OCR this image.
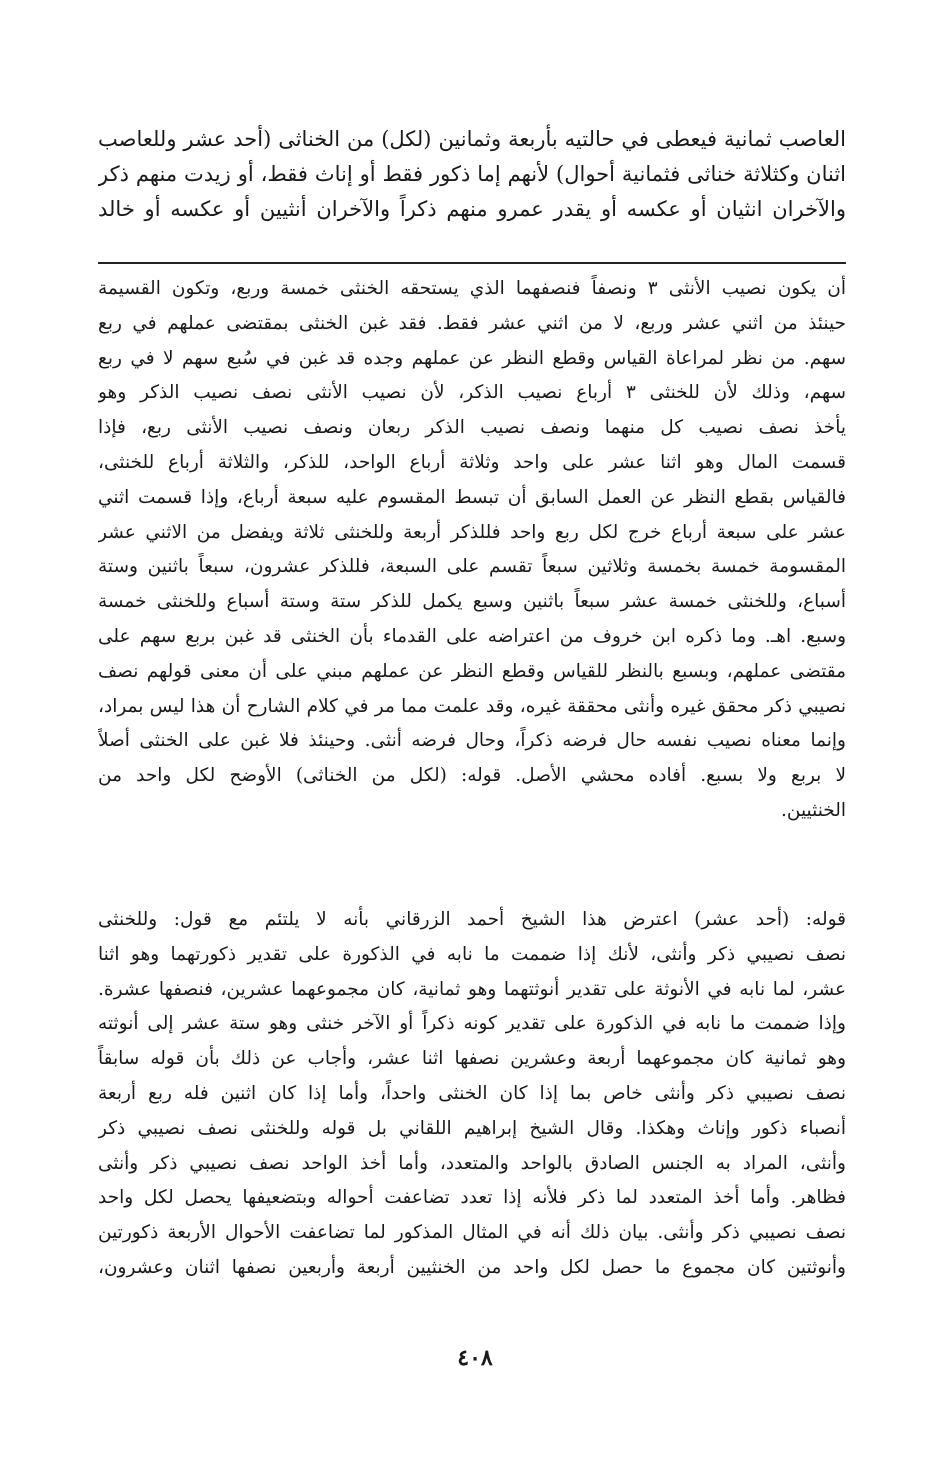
العاصب ثمانية فيعطى في حالتيه بأربعة وثمانين (لكل) من الخناثى (أحد عشر وللعاصب
اثنان وكثلاثة خناثى فثمانية أحوال) لأنهم إما ذكور فقط أو إناث فقط، أو زيدت منهم ذكر
والآخران انثيان أو عكسه أو يقدر عمرو منهم ذكراً والآخران أنثيين أو عكسه أو خالد
أن يكون نصيب الأنثى ٣ ونصفاً فنصفهما الذي يستحقه الخنثى خمسة وربع، وتكون القسيمة
حينئذ من اثني عشر وربع، لا من اثني عشر فقط. فقد غبن الخنثى بمقتضى عملهم في ربع
سهم. من نظر لمراعاة القياس وقطع النظر عن عملهم وجده قد غبن في سُبع سهم لا في ربع
سهم، وذلك لأن للخنثى ٣ أرباع نصيب الذكر، لأن نصيب الأنثى نصف نصيب الذكر وهو
يأخذ نصف نصيب كل منهما ونصف نصيب الذكر ربعان ونصف نصيب الأنثى ربع، فإذا
قسمت المال وهو اثنا عشر على واحد وثلاثة أرباع الواحد، للذكر، والثلاثة أرباع للخنثى،
فالقياس بقطع النظر عن العمل السابق أن تبسط المقسوم عليه سبعة أرباع، وإذا قسمت اثني
عشر على سبعة أرباع خرج لكل ربع واحد فللذكر أربعة وللخنثى ثلاثة ويفضل من الاثني عشر
المقسومة خمسة بخمسة وثلاثين سبعاً تقسم على السبعة، فللذكر عشرون، سبعاً باثنين وستة
أسباع، وللخنثى خمسة عشر سبعاً باثنين وسبع يكمل للذكر ستة وستة أسباع وللخنثى خمسة
وسبع. اهـ. وما ذكره ابن خروف من اعتراضه على القدماء بأن الخنثى قد غبن بربع سهم على
مقتضى عملهم، وبسبع بالنظر للقياس وقطع النظر عن عملهم مبني على أن معنى قولهم نصف
نصيبي ذكر محقق غيره وأنثى محققة غيره، وقد علمت مما مر في كلام الشارح أن هذا ليس بمراد،
وإنما معناه نصيب نفسه حال فرضه ذكراً، وحال فرضه أنثى. وحينئذ فلا غبن على الخنثى أصلاً
لا بربع ولا بسبع. أفاده محشي الأصل. قوله: (لكل من الخناثى) الأوضح لكل واحد من
الخنثيين.
قوله: (أحد عشر) اعترض هذا الشيخ أحمد الزرقاني بأنه لا يلتئم مع قول: وللخنثى
نصف نصيبي ذكر وأنثى، لأنك إذا ضممت ما نابه في الذكورة على تقدير ذكورتهما وهو اثنا
عشر، لما نابه في الأنوثة على تقدير أنوثتهما وهو ثمانية، كان مجموعهما عشرين، فنصفها عشرة.
وإذا ضممت ما نابه في الذكورة على تقدير كونه ذكراً أو الآخر خنثى وهو ستة عشر إلى أنوثته
وهو ثمانية كان مجموعهما أربعة وعشرين نصفها اثنا عشر، وأجاب عن ذلك بأن قوله سابقاً
نصف نصيبي ذكر وأنثى خاص بما إذا كان الخنثى واحداً، وأما إذا كان اثنين فله ربع أربعة
أنصباء ذكور وإناث وهكذا. وقال الشيخ إبراهيم اللقاني بل قوله وللخنثى نصف نصيبي ذكر
وأنثى، المراد به الجنس الصادق بالواحد والمتعدد، وأما أخذ الواحد نصف نصيبي ذكر وأنثى
فظاهر. وأما أخذ المتعدد لما ذكر فلأنه إذا تعدد تضاعفت أحواله وبتضعيفها يحصل لكل واحد
نصف نصيبي ذكر وأنثى. بيان ذلك أنه في المثال المذكور لما تضاعفت الأحوال الأربعة ذكورتين
وأنوثتين كان مجموع ما حصل لكل واحد من الخنثيين أربعة وأربعين نصفها اثنان وعشرون،
٤٠٨
